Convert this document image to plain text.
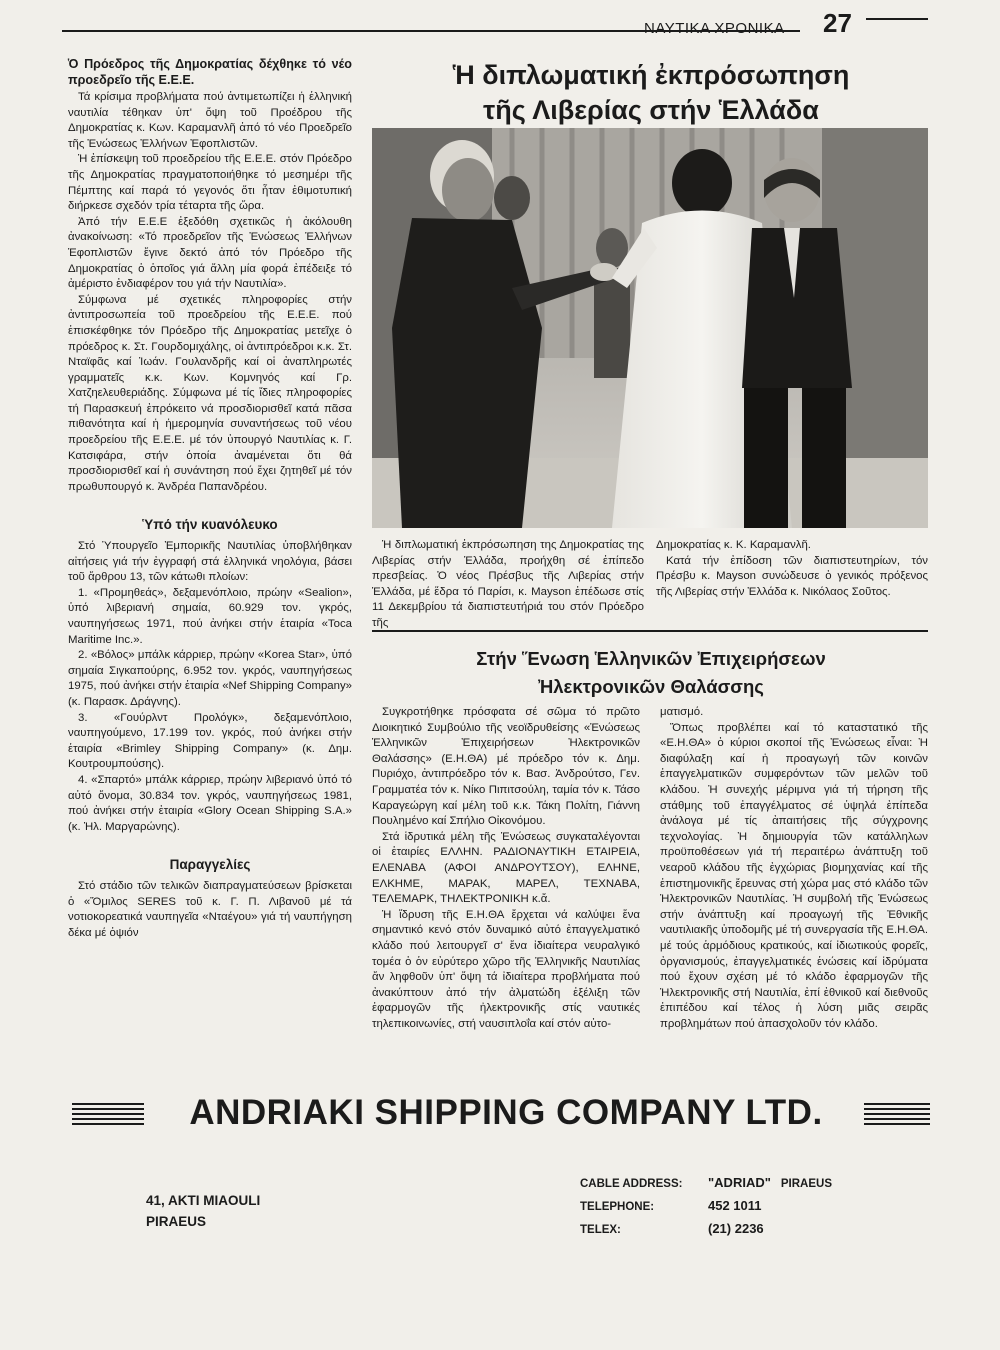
ΝΑΥΤΙΚΑ ΧΡΟΝΙΚΑ 27
Ὁ Πρόεδρος τῆς Δημοκρατίας δέχθηκε τό νέο προεδρεῖο τῆς Ε.Ε.Ε.

Τά κρίσιμα προβλήματα πού ἀντιμετωπίζει ἡ ἑλληνική ναυτιλία τέθηκαν ὑπ' ὄψη τοῦ Προέδρου τῆς Δημοκρατίας κ. Κων. Καραμανλῆ ἀπό τό νέο Προεδρεῖο τῆς Ἑνώσεως Ἑλλήνων Ἐφοπλιστῶν.

Ἡ ἐπίσκεψη τοῦ προεδρείου τῆς Ε.Ε.Ε. στόν Πρόεδρο τῆς Δημοκρατίας πραγματοποιήθηκε τό μεσημέρι τῆς Πέμπτης καί παρά τό γεγονός ὅτι ἦταν ἐθιμοτυπική διήρκεσε σχεδόν τρία τέταρτα τῆς ὥρα.

Ἀπό τήν Ε.Ε.Ε ἐξεδόθη σχετικῶς ἡ ἀκόλουθη ἀνακοίνωση: «Τό προεδρεῖον τῆς Ἑνώσεως Ἑλλήνων Ἐφοπλιστῶν ἔγινε δεκτό ἀπό τόν Πρόεδρο τῆς Δημοκρατίας ὁ ὁποῖος γιά ἄλλη μία φορά ἐπέδειξε τό ἀμέριστο ἐνδιαφέρον του γιά τήν Ναυτιλία».

Σύμφωνα μέ σχετικές πληροφορίες στήν ἀντιπροσωπεία τοῦ προεδρείου τῆς Ε.Ε.Ε. πού ἐπισκέφθηκε τόν Πρόεδρο τῆς Δημοκρατίας μετεῖχε ὁ πρόεδρος κ. Στ. Γουρδομιχάλης, οἱ ἀντιπρόεδροι κ.κ. Στ. Νταϊφᾶς καί Ἰωάν. Γουλανδρῆς καί οἱ ἀναπληρωτές γραμματεῖς κ.κ. Κων. Κομνηνός καί Γρ. Χατζηελευθεριάδης. Σύμφωνα μέ τίς ἴδιες πληροφορίες τή Παρασκευή ἐπρόκειτο νά προσδιορισθεῖ κατά πᾶσα πιθανότητα καί ἡ ἡμερομηνία συναντήσεως τοῦ νέου προεδρείου τῆς Ε.Ε.Ε. μέ τόν ὑπουργό Ναυτιλίας κ. Γ. Κατσιφάρα, στήν ὁποία ἀναμένεται ὅτι θά προσδιορισθεῖ καί ἡ συνάντηση πού ἔχει ζητηθεῖ μέ τόν πρωθυπουργό κ. Ἀνδρέα Παπανδρέου.

Ὑπό τήν κυανόλευκο

Στό Ὑπουργεῖο Ἐμπορικῆς Ναυτιλίας ὑποβλήθηκαν αἰτήσεις γιά τήν ἐγγραφή στά ἑλληνικά νηολόγια, βάσει τοῦ ἄρθρου 13, τῶν κάτωθι πλοίων:

1. «Προμηθεάς», δεξαμενόπλοιο, πρώην «Sealion», ὑπό λιβεριανή σημαία, 60.929 τον. γκρός, ναυπηγήσεως 1971, πού ἀνήκει στήν ἑταιρία «Toca Maritime Inc.».

2. «Βόλος» μπάλκ κάρριερ, πρώην «Korea Star», ὑπό σημαία Σιγκαπούρης, 6.952 τον. γκρός, ναυπηγήσεως 1975, πού ἀνήκει στήν ἑταιρία «Nef Shipping Company» (κ. Παρασκ. Δράγνης).

3. «Γουύρλντ Προλόγκ», δεξαμενόπλοιο, ναυπηγούμενο, 17.199 τον. γκρός, πού ἀνήκει στήν ἑταιρία «Brimley Shipping Company» (κ. Δημ. Κουτρουμπούσης).

4. «Σπαρτό» μπάλκ κάρριερ, πρώην λιβεριανό ὑπό τό αὐτό ὄνομα, 30.834 τον. γκρός, ναυπηγήσεως 1981, πού ἀνήκει στήν ἑταιρία «Glory Ocean Shipping S.A.» (κ. Ἠλ. Μαργαρώνης).

Παραγγελίες

Στό στάδιο τῶν τελικῶν διαπραγματεύσεων βρίσκεται ὁ «Ὅμιλος SERES τοῦ κ. Γ. Π. Λιβανοῦ μέ τά νοτιοκορεατικά ναυπηγεῖα «Νταέγου» γιά τή ναυπήγηση δέκα μέ ὀψιόν

Ἡ διπλωματική ἐκπρόσωπηση
τῆς Λιβερίας στήν Ἑλλάδα

Ἡ διπλωματική ἐκπρόσωπηση της Δημοκρατίας της Λιβερίας στήν Ἑλλάδα, προήχθη σέ ἐπίπεδο πρεσβείας. Ὁ νέος Πρέσβυς τῆς Λιβερίας στήν Ἑλλάδα, μέ ἕδρα τό Παρίσι, κ. Mayson ἐπέδωσε στίς 11 Δεκεμβρίου τά διαπιστευτήριά του στόν Πρόεδρο τῆς

Δημοκρατίας κ. Κ. Καραμανλῆ.

Κατά τήν ἐπίδοση τῶν διαπιστευτηρίων, τόν Πρέσβυ κ. Mayson συνώδευσε ὁ γενικός πρόξενος τῆς Λιβερίας στήν Ἑλλάδα κ. Νικόλαος Σοῦτος.

Στήν Ἕνωση Ἑλληνικῶν Ἐπιχειρήσεων
Ἠλεκτρονικῶν Θαλάσσης

Συγκροτήθηκε πρόσφατα σέ σῶμα τό πρῶτο Διοικητικό Συμβούλιο τῆς νεοϊδρυθείσης «Ἑνώσεως Ἑλληνικῶν Ἐπιχειρήσεων Ἠλεκτρονικῶν Θαλάσσης» (Ε.Η.ΘΑ) μέ πρόεδρο τόν κ. Δημ. Πυριόχο, ἀντιπρόεδρο τόν κ. Βασ. Ἀνδρούτσο, Γεν. Γραμματέα τόν κ. Νίκο Πιπιτσούλη, ταμία τόν κ. Τάσο Καραγεώργη καί μέλη τοῦ κ.κ. Τάκη Πολίτη, Γιάννη Πουλημένο καί Σπήλιο Οἰκονόμου.

Στά ἱδρυτικά μέλη τῆς Ἑνώσεως συγκαταλέγονται οἱ ἑταιρίες ΕΛΛΗΝ. ΡΑΔΙΟΝΑΥΤΙΚΗ ΕΤΑΙΡΕΙΑ, ΕΛΕΝΑΒΑ (ΑΦΟΙ ΑΝΔΡΟΥΤΣΟΥ), ΕΛΗΝΕ, ΕΛΚΗΜΕ, ΜΑΡΑΚ, ΜΑΡΕΛ, ΤΕΧΝΑΒΑ, ΤΕΛΕΜΑΡΚ, ΤΗΛΕΚΤΡΟΝΙΚΗ κ.ἄ.

Ἡ ἵδρυση τῆς Ε.Η.ΘΑ ἔρχεται νά καλύψει ἕνα σημαντικό κενό στόν δυναμικό αὐτό ἐπαγγελματικό κλάδο πού λειτουργεῖ σ' ἕνα ἰδιαίτερα νευραλγικό τομέα ὁ ὁν εὐρύτερο χῶρο τῆς Ἑλληνικῆς Ναυτιλίας ἄν ληφθοῦν ὑπ' ὄψη τά ἰδιαίτερα προβλήματα πού ἀνακύπτουν ἀπό τήν ἀλματώδη ἐξέλιξη τῶν ἐφαρμογῶν τῆς ἠλεκτρονικῆς στίς ναυτικές τηλεπικοινωνίες, στή ναυσιπλοΐα καί στόν αὐτο-

ματισμό.

Ὅπως προβλέπει καί τό καταστατικό τῆς «Ε.Η.ΘΑ» ὁ κύριοι σκοποί τῆς Ἑνώσεως εἶναι: Ἡ διαφύλαξη καί ἡ προαγωγή τῶν κοινῶν ἐπαγγελματικῶν συμφερόντων τῶν μελῶν τοῦ κλάδου. Ἡ συνεχής μέριμνα γιά τή τήρηση τῆς στάθμης τοῦ ἐπαγγέλματος σέ ὑψηλά ἐπίπεδα ἀνάλογα μέ τίς ἀπαιτήσεις τῆς σύγχρονης τεχνολογίας. Ἡ δημιουργία τῶν κατάλληλων προϋποθέσεων γιά τή περαιτέρω ἀνάπτυξη τοῦ νεαροῦ κλάδου τῆς ἐγχώριας βιομηχανίας καί τῆς ἐπιστημονικῆς ἔρευνας στή χώρα μας στό κλάδο τῶν Ἠλεκτρονικῶν Ναυτιλίας. Ἡ συμβολή τῆς Ἑνώσεως στήν ἀνάπτυξη καί προαγωγή τῆς Ἐθνικῆς ναυτιλιακῆς ὑποδομῆς μέ τή συνεργασία τῆς Ε.Η.ΘΑ. μέ τούς ἁρμόδιους κρατικούς, καί ἰδιωτικούς φορεῖς, ὀργανισμούς, ἐπαγγελματικές ἑνώσεις καί ἱδρύματα πού ἔχουν σχέση μέ τό κλάδο ἐφαρμογῶν τῆς Ἠλεκτρονικῆς στή Ναυτιλία, ἐπί ἐθνικοῦ καί διεθνοῦς ἐπιπέδου καί τέλος ἡ λύση μιᾶς σειρᾶς προβλημάτων πού ἀπασχολοῦν τόν κλάδο.

ANDRIAKI SHIPPING COMPANY LTD.
41, AKTI MIAOULI
PIRAEUS
CABLE ADDRESS: "ADRIAD" PIRAEUS
TELEPHONE:	452 1011
TELEX:	(21) 2236
